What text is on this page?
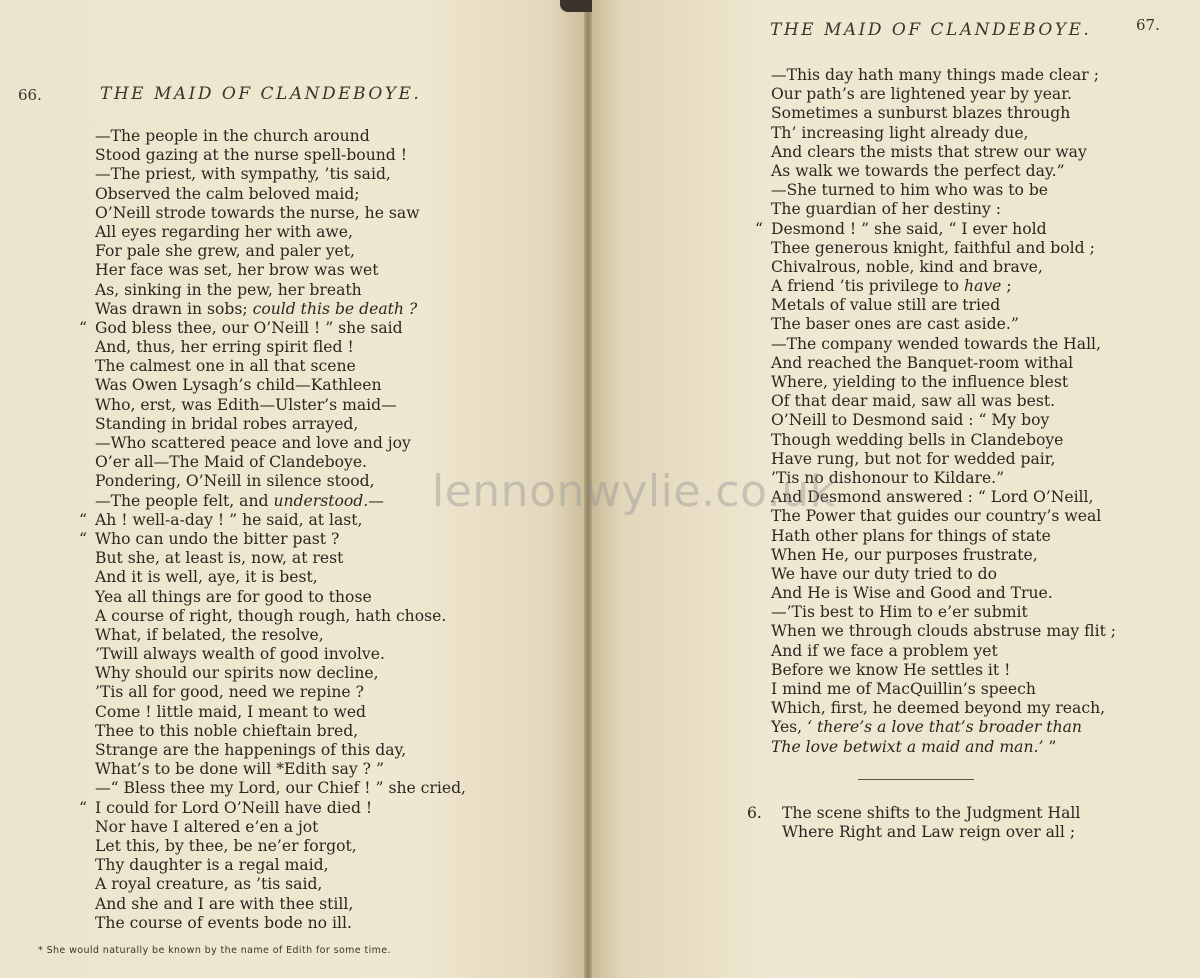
66.	THE MAID OF CLANDEBOYE.
—The people in the church around
Stood gazing at the nurse spell-bound !
—The priest, with sympathy, ’tis said,
Observed the calm beloved maid;
O’Neill strode towards the nurse, he saw
All eyes regarding her with awe,
For pale she grew, and paler yet,
Her face was set, her brow was wet
As, sinking in the pew, her breath
Was drawn in sobs; could this be death ?
“ God bless thee, our O’Neill ! ” she said
And, thus, her erring spirit fled !
The calmest one in all that scene
Was Owen Lysagh’s child—Kathleen
Who, erst, was Edith—Ulster’s maid—
Standing in bridal robes arrayed,
—Who scattered peace and love and joy
O’er all—The Maid of Clandeboye.
Pondering, O’Neill in silence stood,
—The people felt, and understood.—
“ Ah ! well-a-day ! ” he said, at last,
“ Who can undo the bitter past ?
But she, at least is, now, at rest
And it is well, aye, it is best,
Yea all things are for good to those
A course of right, though rough, hath chose.
What, if belated, the resolve,
’Twill always wealth of good involve.
Why should our spirits now decline,
’Tis all for good, need we repine ?
Come ! little maid, I meant to wed
Thee to this noble chieftain bred,
Strange are the happenings of this day,
What’s to be done will *Edith say ? ”
—“ Bless thee my Lord, our Chief ! ” she cried,
“ I could for Lord O’Neill have died !
Nor have I altered e’en a jot
Let this, by thee, be ne’er forgot,
Thy daughter is a regal maid,
A royal creature, as ’tis said,
And she and I are with thee still,
The course of events bode no ill.
* She would naturally be known by the name of Edith for some time.
THE MAID OF CLANDEBOYE.	67.
—This day hath many things made clear ;
Our path’s are lightened year by year.
Sometimes a sunburst blazes through
Th’ increasing light already due,
And clears the mists that strew our way
As walk we towards the perfect day.”
—She turned to him who was to be
The guardian of her destiny :
“ Desmond ! ” she said, “ I ever hold
Thee generous knight, faithful and bold ;
Chivalrous, noble, kind and brave,
A friend ’tis privilege to have ;
Metals of value still are tried
The baser ones are cast aside.”
—The company wended towards the Hall,
And reached the Banquet-room withal
Where, yielding to the influence blest
Of that dear maid, saw all was best.
O’Neill to Desmond said : “ My boy
Though wedding bells in Clandeboye
Have rung, but not for wedded pair,
’Tis no dishonour to Kildare.”
And Desmond answered : “ Lord O’Neill,
The Power that guides our country’s weal
Hath other plans for things of state
When He, our purposes frustrate,
We have our duty tried to do
And He is Wise and Good and True.
—’Tis best to Him to e’er submit
When we through clouds abstruse may flit ;
And if we face a problem yet
Before we know He settles it !
I mind me of MacQuillin’s speech
Which, first, he deemed beyond my reach,
Yes, ‘ there’s a love that’s broader than
The love betwixt a maid and man.’ ”
6. The scene shifts to the Judgment Hall
Where Right and Law reign over all ;
lennonwylie.co.uk
